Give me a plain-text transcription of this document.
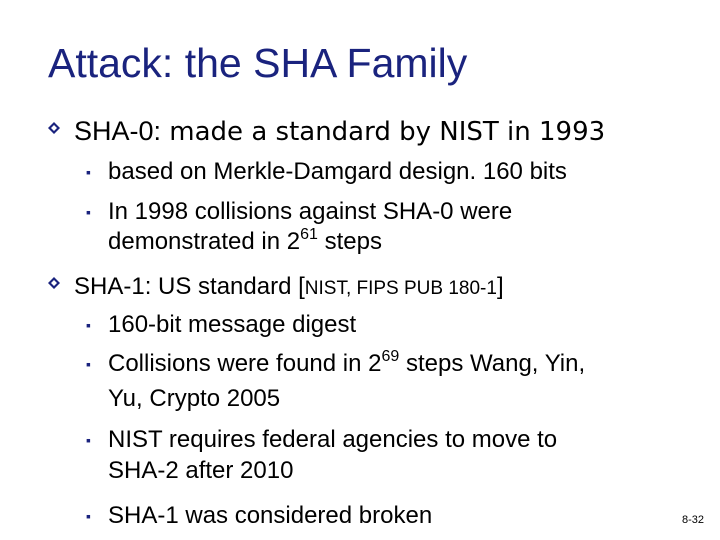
Attack: the SHA Family
SHA-0: made a standard by NIST in 1993
▪ based on Merkle-Damgard design. 160 bits
▪ In 1998 collisions against SHA-0 were
demonstrated in $2^{61}$ steps
SHA-1: US standard [NIST, FIPS PUB 180-1]
▪ 160-bit message digest
▪ Collisions were found in $2^{69}$ steps Wang, Yin,
Yu, Crypto 2005
▪ NIST requires federal agencies to move to
SHA-2 after 2010
▪ SHA-1 was considered broken	8-32
